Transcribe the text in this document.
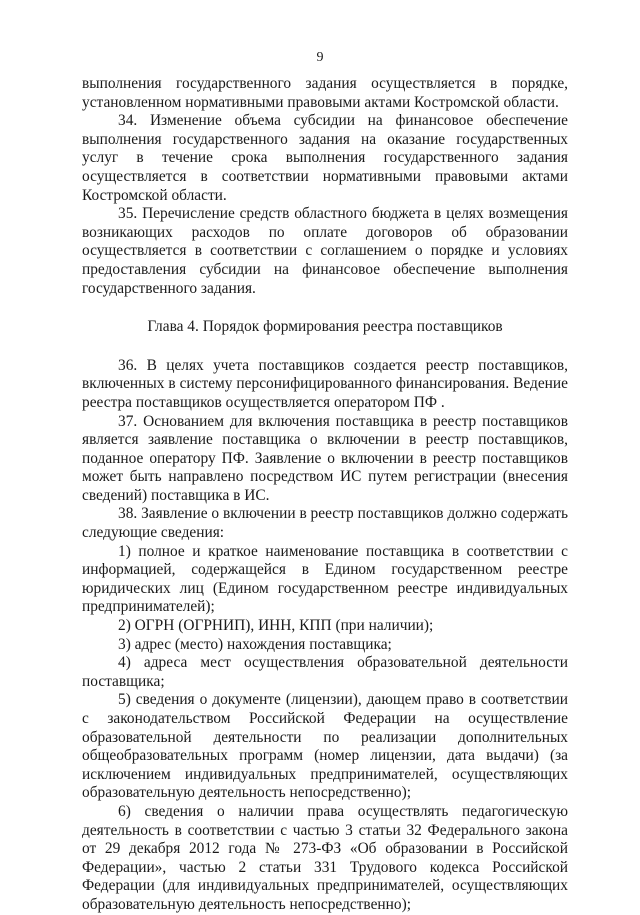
9

выполнения государственного задания осуществляется в порядке, установленном нормативными правовыми актами Костромской области.

34. Изменение объема субсидии на финансовое обеспечение выполнения государственного задания на оказание государственных услуг в течение срока выполнения государственного задания осуществляется в соответствии нормативными правовыми актами Костромской области.

35. Перечисление средств областного бюджета в целях возмещения возникающих расходов по оплате договоров об образовании осуществляется в соответствии с соглашением о порядке и условиях предоставления субсидии на финансовое обеспечение выполнения государственного задания.

Глава 4. Порядок формирования реестра поставщиков

36. В целях учета поставщиков создается реестр поставщиков, включенных в систему персонифицированного финансирования. Ведение реестра поставщиков осуществляется оператором ПФ .

37. Основанием для включения поставщика в реестр поставщиков является заявление поставщика о включении в реестр поставщиков, поданное оператору ПФ. Заявление о включении в реестр поставщиков может быть направлено посредством ИС путем регистрации (внесения сведений) поставщика в ИС.

38. Заявление о включении в реестр поставщиков должно содержать следующие сведения:

1) полное и краткое наименование поставщика в соответствии с информацией, содержащейся в Едином государственном реестре юридических лиц (Едином государственном реестре индивидуальных предпринимателей);

2) ОГРН (ОГРНИП), ИНН, КПП (при наличии);

3) адрес (место) нахождения поставщика;

4) адреса мест осуществления образовательной деятельности поставщика;

5) сведения о документе (лицензии), дающем право в соответствии с законодательством Российской Федерации на осуществление образовательной деятельности по реализации дополнительных общеобразовательных программ (номер лицензии, дата выдачи) (за исключением индивидуальных предпринимателей, осуществляющих образовательную деятельность непосредственно);

6) сведения о наличии права осуществлять педагогическую деятельность в соответствии с частью 3 статьи 32 Федерального закона от 29 декабря 2012 года № 273-ФЗ «Об образовании в Российской Федерации», частью 2 статьи 331 Трудового кодекса Российской Федерации (для индивидуальных предпринимателей, осуществляющих образовательную деятельность непосредственно);
